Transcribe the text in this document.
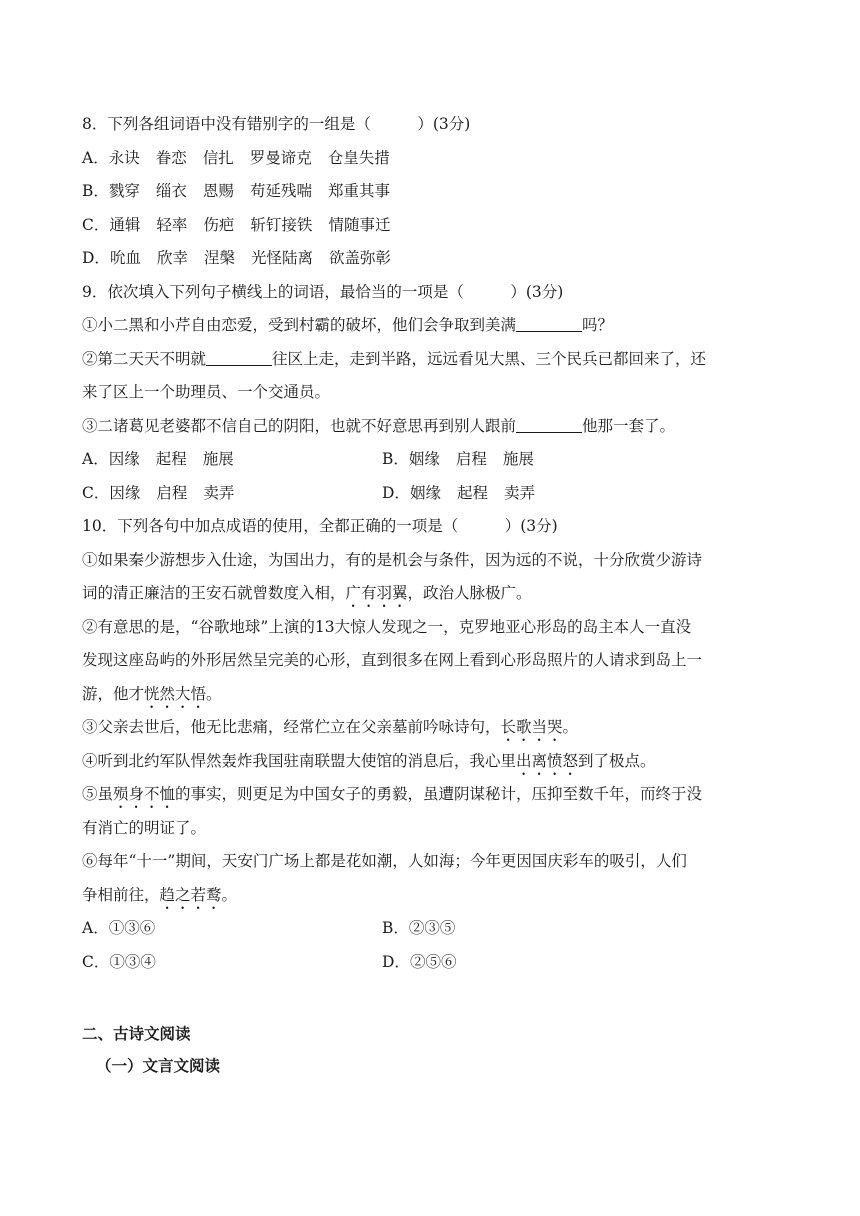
8．下列各组词语中没有错别字的一组是（　　　）(3分)
A．永诀 眷恋 信扎 罗曼谛克 仓皇失措
B．戮穿 缁衣 恩赐 苟延残喘 郑重其事
C．通辑 轻率 伤疤 斩钉接铁 情随事迁
D．吮血 欣幸 涅槃 光怪陆离 欲盖弥彰
9．依次填入下列句子横线上的词语，最恰当的一项是（　　　）(3分)
①小二黑和小芹自由恋爱，受到村霸的破坏，他们会争取到美满	吗？
②第二天天不明就	往区上走，走到半路，远远看见大黑、三个民兵已都回来了，还
来了区上一个助理员、一个交通员。
③二诸葛见老婆都不信自己的阴阳，也就不好意思再到别人跟前	他那一套了。
A．因缘 起程 施展	B．姻缘 启程 施展
C．因缘 启程 卖弄	D．姻缘 起程 卖弄
10．下列各句中加点成语的使用，全都正确的一项是（　　　）(3分)
①如果秦少游想步入仕途，为国出力，有的是机会与条件，因为远的不说，十分欣赏少游诗
词的清正廉洁的王安石就曾数度入相，广有羽翼，政治人脉极广。
②有意思的是，“谷歌地球”上演的13大惊人发现之一，克罗地亚心形岛的岛主本人一直没
发现这座岛屿的外形居然呈完美的心形，直到很多在网上看到心形岛照片的人请求到岛上一
游，他才恍然大悟。
③父亲去世后，他无比悲痛，经常伫立在父亲墓前吟咏诗句，长歌当哭。
④听到北约军队悍然轰炸我国驻南联盟大使馆的消息后，我心里出离愤怒到了极点。
⑤虽殒身不恤的事实，则更足为中国女子的勇毅，虽遭阴谋秘计，压抑至数千年，而终于没
有消亡的明证了。
⑥每年“十一”期间，天安门广场上都是花如潮，人如海；今年更因国庆彩车的吸引，人们
争相前往，趋之若鹜。
A．①③⑥	B．②③⑤
C．①③④	D．②⑤⑥
二、古诗文阅读
（一）文言文阅读
